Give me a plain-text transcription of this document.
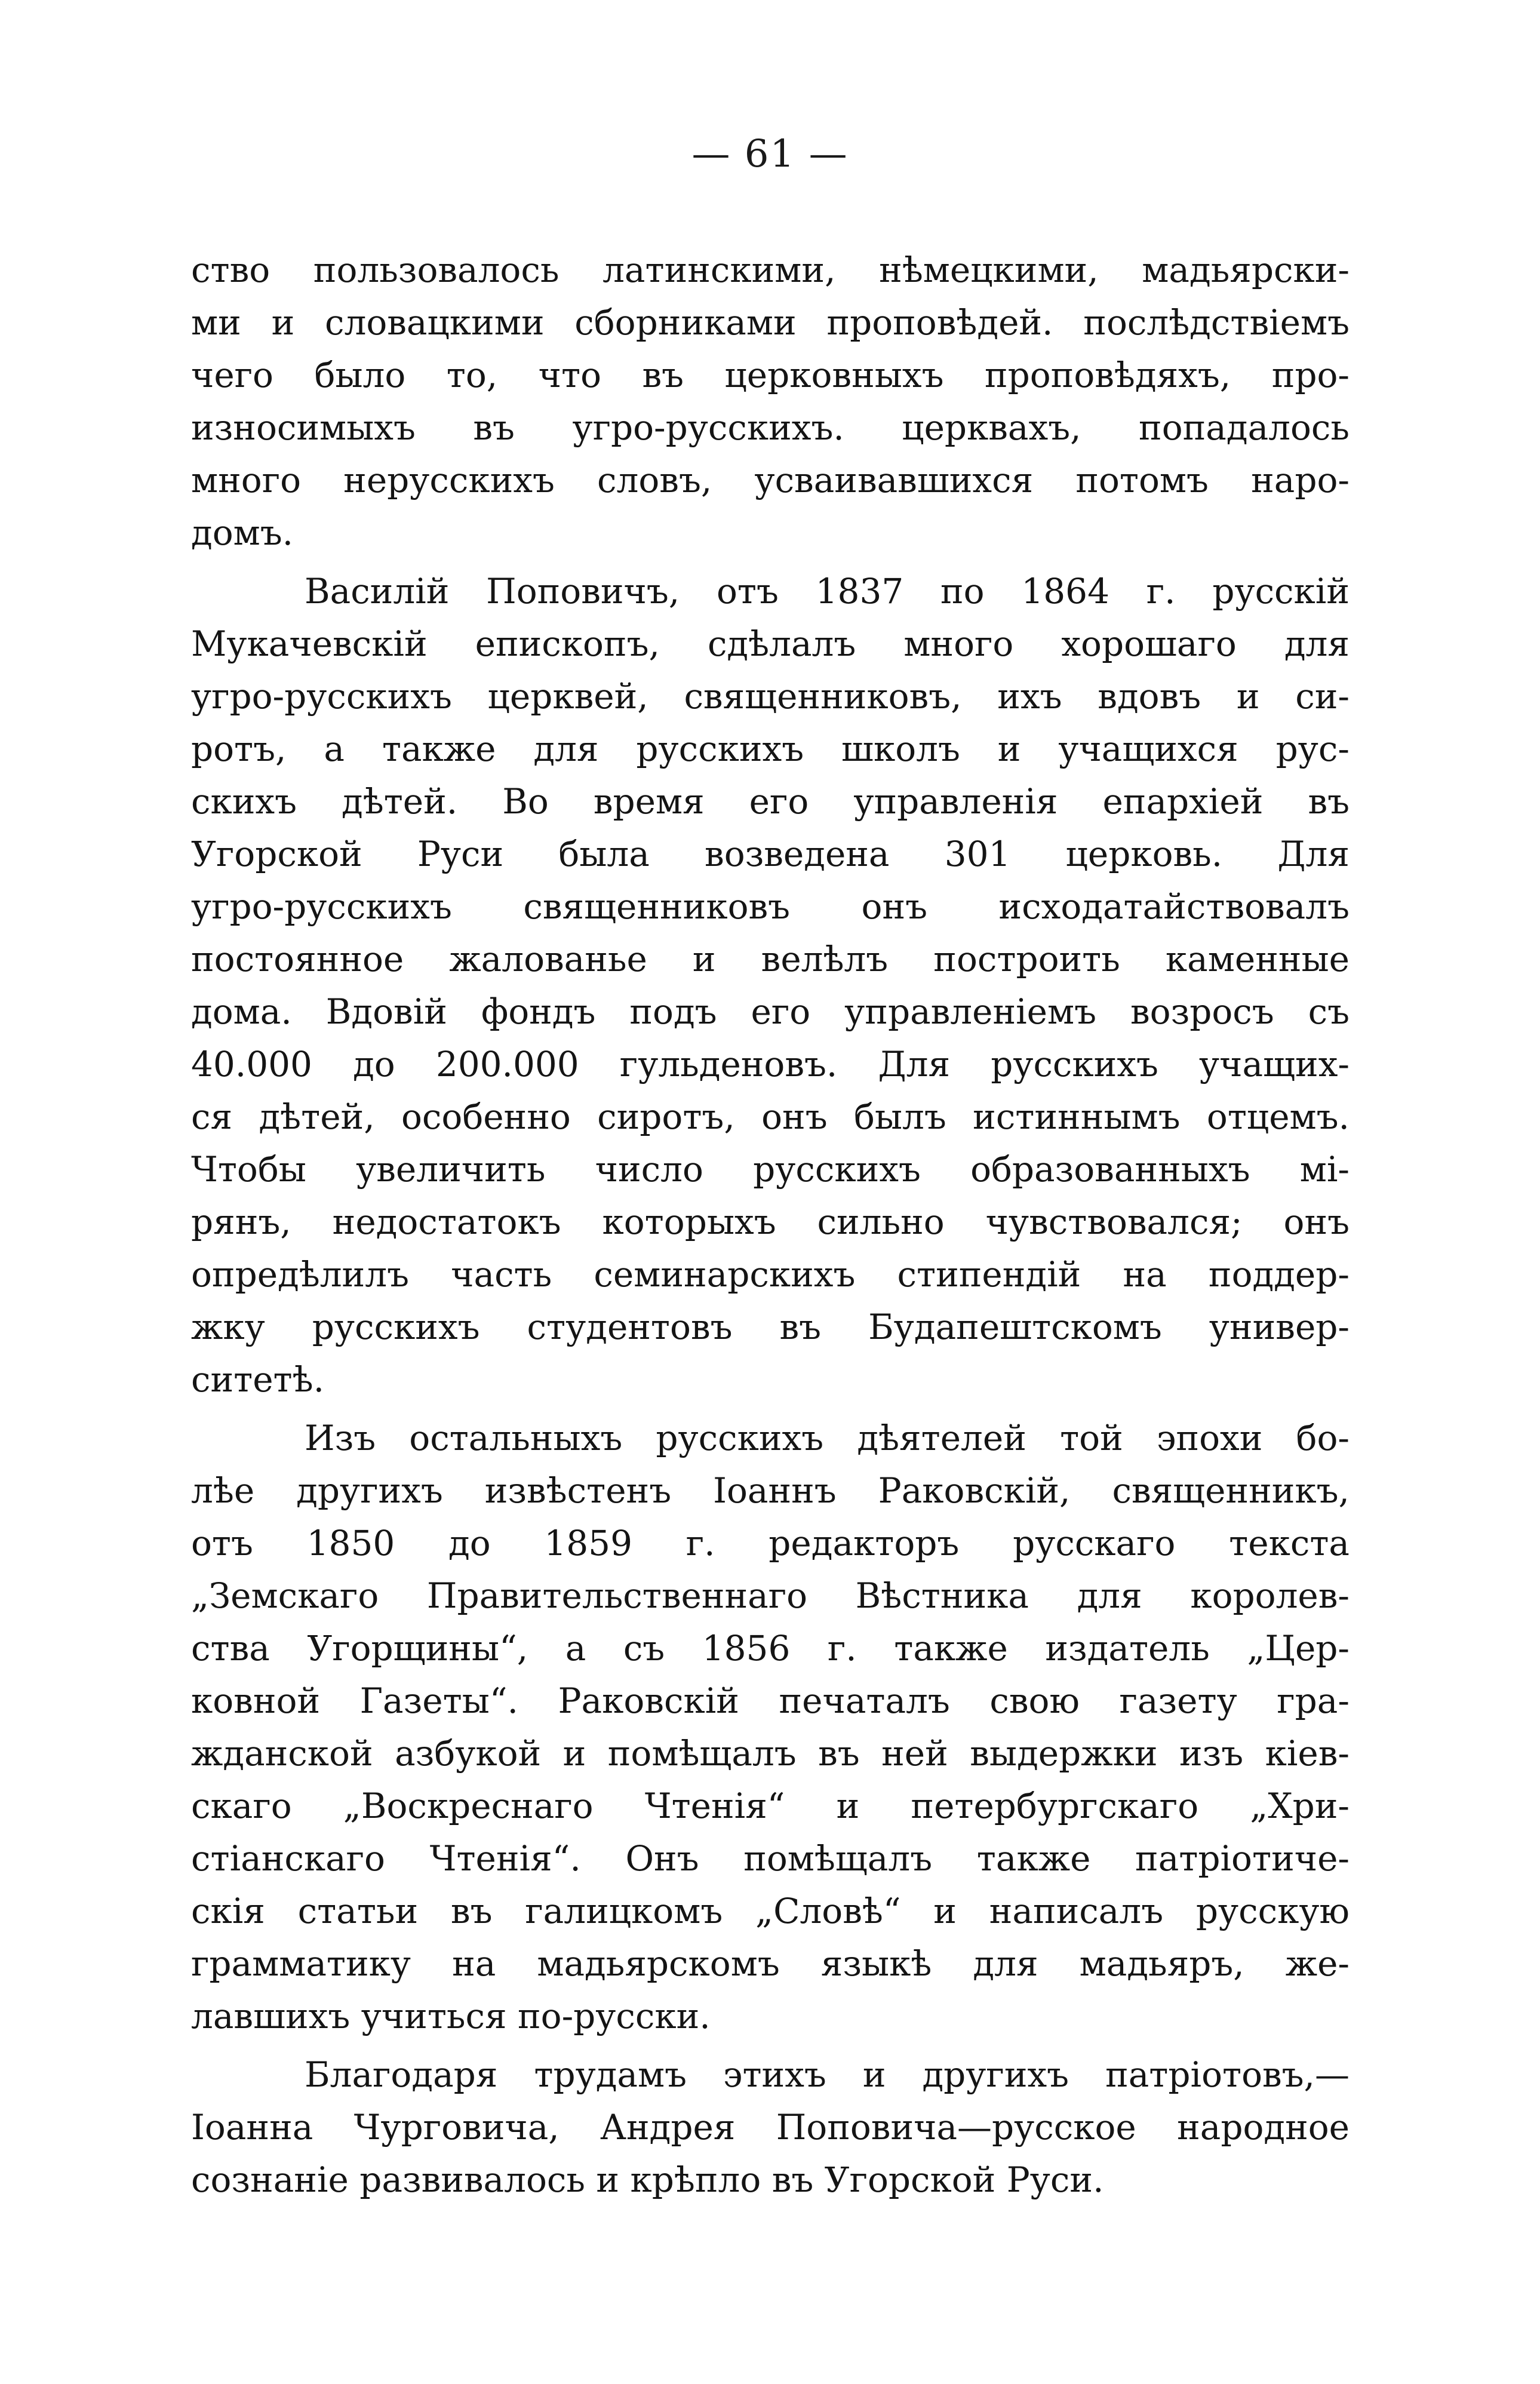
— 61 —
ство пользовалось латинскими, нѣмецкими, мадьярски-
ми и словацкими сборниками проповѣдей. послѣдствіемъ
чего было то, что въ церковныхъ проповѣдяхъ, про-
износимыхъ въ угро-русскихъ. церквахъ, попадалось
много нерусскихъ словъ, усваивавшихся потомъ наро-
домъ.
Василій Поповичъ, отъ 1837 по 1864 г. русскій
Мукачевскій епископъ, сдѣлалъ много хорошаго для
угро-русскихъ церквей, священниковъ, ихъ вдовъ и си-
ротъ, а также для русскихъ школъ и учащихся рус-
скихъ дѣтей. Во время его управленія епархіей въ
Угорской Руси была возведена 301 церковь. Для
угро-русскихъ священниковъ онъ исходатайствовалъ
постоянное жалованье и велѣлъ построить каменные
дома. Вдовій фондъ подъ его управленіемъ возросъ съ
40.000 до 200.000 гульденовъ. Для русскихъ учащих-
ся дѣтей, особенно сиротъ, онъ былъ истиннымъ отцемъ.
Чтобы увеличить число русскихъ образованныхъ мі-
рянъ, недостатокъ которыхъ сильно чувствовался; онъ
опредѣлилъ часть семинарскихъ стипендій на поддер-
жку русскихъ студентовъ въ Будапештскомъ универ-
ситетѣ.
Изъ остальныхъ русскихъ дѣятелей той эпохи бо-
лѣе другихъ извѣстенъ Іоаннъ Раковскій, священникъ,
отъ 1850 до 1859 г. редакторъ русскаго текста
„Земскаго Правительственнаго Вѣстника для королев-
ства Угорщины“, а съ 1856 г. также издатель „Цер-
ковной Газеты“. Раковскій печаталъ свою газету гра-
жданской азбукой и помѣщалъ въ ней выдержки изъ кіев-
скаго „Воскреснаго Чтенія“ и петербургскаго „Хри-
стіанскаго Чтенія“. Онъ помѣщалъ также патріотиче-
скія статьи въ галицкомъ „Словѣ“ и написалъ русскую
грамматику на мадьярскомъ языкѣ для мадьяръ, же-
лавшихъ учиться по-русски.
Благодаря трудамъ этихъ и другихъ патріотовъ,—
Іоанна Чурговича, Андрея Поповича—русское народное
сознаніе развивалось и крѣпло въ Угорской Руси.
